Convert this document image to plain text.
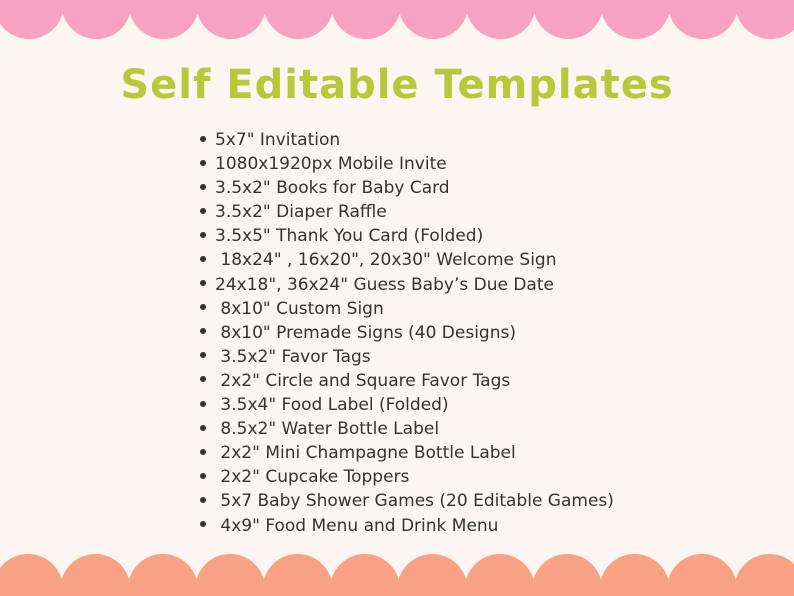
Self Editable Templates
5x7" Invitation
1080x1920px Mobile Invite
3.5x2" Books for Baby Card
3.5x2" Diaper Raffle
3.5x5" Thank You Card (Folded)
18x24" , 16x20", 20x30" Welcome Sign
24x18", 36x24" Guess Baby’s Due Date
8x10" Custom Sign
8x10" Premade Signs (40 Designs)
3.5x2" Favor Tags
2x2" Circle and Square Favor Tags
3.5x4" Food Label (Folded)
8.5x2" Water Bottle Label
2x2" Mini Champagne Bottle Label
2x2" Cupcake Toppers
5x7 Baby Shower Games (20 Editable Games)
4x9" Food Menu and Drink Menu
